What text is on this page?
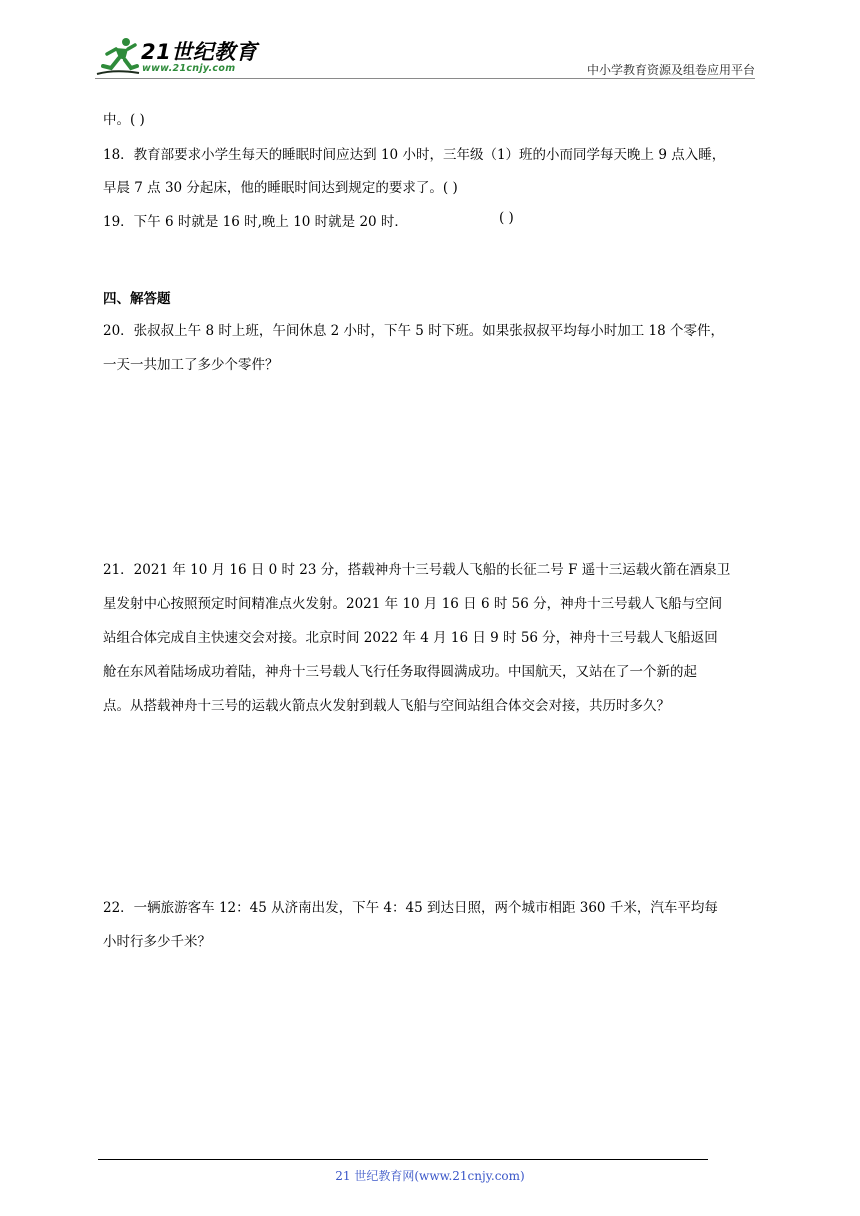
21世纪教育
www.21cnjy.com	中小学教育资源及组卷应用平台
中。( )
18．教育部要求小学生每天的睡眠时间应达到 10 小时，三年级（1）班的小而同学每天晚上 9 点入睡，
早晨 7 点 30 分起床，他的睡眠时间达到规定的要求了。( )
19．下午 6 时就是 16 时,晚上 10 时就是 20 时．	( )
四、解答题
20．张叔叔上午 8 时上班，午间休息 2 小时，下午 5 时下班。如果张叔叔平均每小时加工 18 个零件，
一天一共加工了多少个零件？
21．2021 年 10 月 16 日 0 时 23 分，搭载神舟十三号载人飞船的长征二号 F 遥十三运载火箭在酒泉卫
星发射中心按照预定时间精准点火发射。2021 年 10 月 16 日 6 时 56 分，神舟十三号载人飞船与空间
站组合体完成自主快速交会对接。北京时间 2022 年 4 月 16 日 9 时 56 分，神舟十三号载人飞船返回
舱在东风着陆场成功着陆，神舟十三号载人飞行任务取得圆满成功。中国航天，又站在了一个新的起
点。从搭载神舟十三号的运载火箭点火发射到载人飞船与空间站组合体交会对接，共历时多久？
22．一辆旅游客车 12：45 从济南出发，下午 4：45 到达日照，两个城市相距 360 千米，汽车平均每
小时行多少千米？
21 世纪教育网(www.21cnjy.com)
